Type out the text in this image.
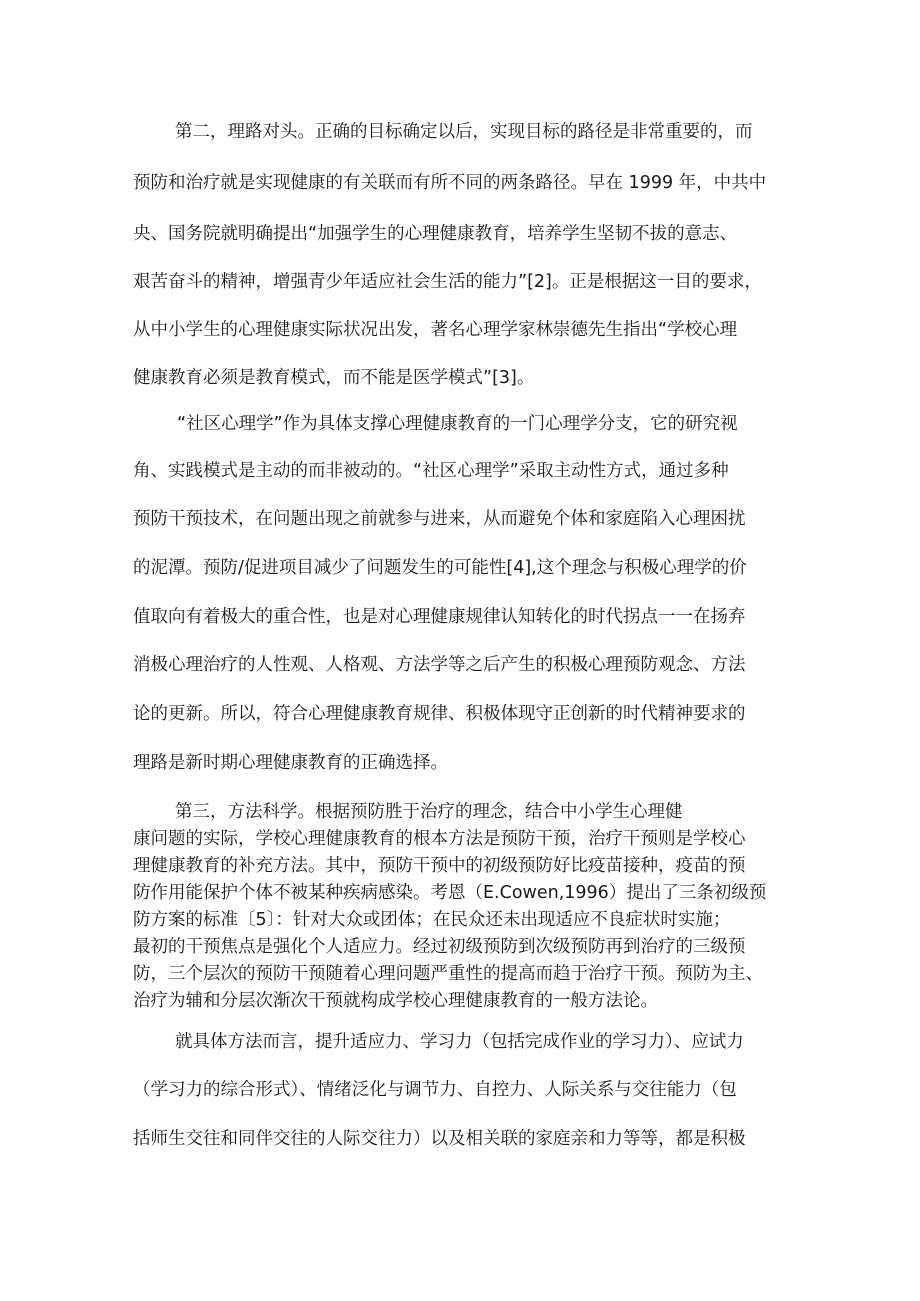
第二，理路对头。正确的目标确定以后，实现目标的路径是非常重要的，而
预防和治疗就是实现健康的有关联而有所不同的两条路径。早在 1999 年，中共中
央、国务院就明确提出“加强学生的心理健康教育，培养学生坚韧不拔的意志、
艰苦奋斗的精神，增强青少年适应社会生活的能力”[2]。正是根据这一目的要求，
从中小学生的心理健康实际状况出发，著名心理学家林崇德先生指出“学校心理
健康教育必须是教育模式，而不能是医学模式”[3]。
“社区心理学”作为具体支撑心理健康教育的一门心理学分支，它的研究视
角、实践模式是主动的而非被动的。“社区心理学”采取主动性方式，通过多种
预防干预技术，在问题出现之前就参与进来，从而避免个体和家庭陷入心理困扰
的泥潭。预防/促进项目减少了问题发生的可能性[4],这个理念与积极心理学的价
值取向有着极大的重合性，也是对心理健康规律认知转化的时代拐点一一在扬弃
消极心理治疗的人性观、人格观、方法学等之后产生的积极心理预防观念、方法
论的更新。所以，符合心理健康教育规律、积极体现守正创新的时代精神要求的
理路是新时期心理健康教育的正确选择。
第三，方法科学。根据预防胜于治疗的理念，结合中小学生心理健
康问题的实际，学校心理健康教育的根本方法是预防干预，治疗干预则是学校心
理健康教育的补充方法。其中，预防干预中的初级预防好比疫苗接种，疫苗的预
防作用能保护个体不被某种疾病感染。考恩（E.Cowen,1996）提出了三条初级预
防方案的标准〔5〕：针对大众或团体；在民众还未出现适应不良症状时实施；
最初的干预焦点是强化个人适应力。经过初级预防到次级预防再到治疗的三级预
防，三个层次的预防干预随着心理问题严重性的提高而趋于治疗干预。预防为主、
治疗为辅和分层次渐次干预就构成学校心理健康教育的一般方法论。
就具体方法而言，提升适应力、学习力（包括完成作业的学习力）、应试力
（学习力的综合形式）、情绪泛化与调节力、自控力、人际关系与交往能力（包
括师生交往和同伴交往的人际交往力）以及相关联的家庭亲和力等等，都是积极
